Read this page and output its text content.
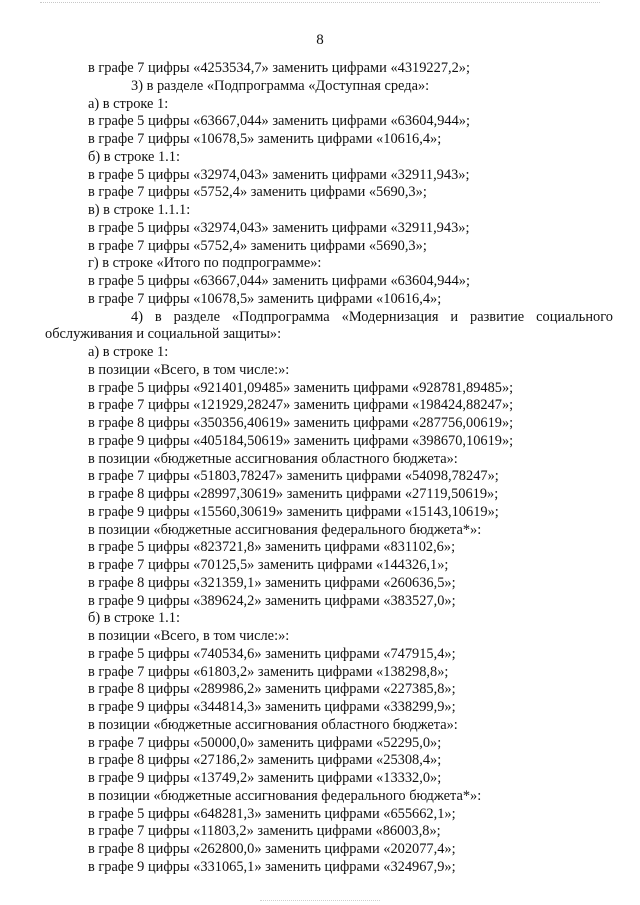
8
в графе 7 цифры «4253534,7» заменить цифрами «4319227,2»;
3) в разделе «Подпрограмма «Доступная среда»:
а) в строке 1:
в графе 5 цифры «63667,044» заменить цифрами «63604,944»;
в графе 7 цифры «10678,5» заменить цифрами «10616,4»;
б) в строке 1.1:
в графе 5 цифры «32974,043» заменить цифрами «32911,943»;
в графе 7 цифры «5752,4» заменить цифрами «5690,3»;
в) в строке 1.1.1:
в графе 5 цифры «32974,043» заменить цифрами «32911,943»;
в графе 7 цифры «5752,4» заменить цифрами «5690,3»;
г) в строке «Итого по подпрограмме»:
в графе 5 цифры «63667,044» заменить цифрами «63604,944»;
в графе 7 цифры «10678,5» заменить цифрами «10616,4»;
4) в разделе «Подпрограмма «Модернизация и развитие социального
обслуживания и социальной защиты»:
а) в строке 1:
в позиции «Всего, в том числе:»:
в графе 5 цифры «921401,09485» заменить цифрами «928781,89485»;
в графе 7 цифры «121929,28247» заменить цифрами «198424,88247»;
в графе 8 цифры «350356,40619» заменить цифрами «287756,00619»;
в графе 9 цифры «405184,50619» заменить цифрами «398670,10619»;
в позиции «бюджетные ассигнования областного бюджета»:
в графе 7 цифры «51803,78247» заменить цифрами «54098,78247»;
в графе 8 цифры «28997,30619» заменить цифрами «27119,50619»;
в графе 9 цифры «15560,30619» заменить цифрами «15143,10619»;
в позиции «бюджетные ассигнования федерального бюджета*»:
в графе 5 цифры «823721,8» заменить цифрами «831102,6»;
в графе 7 цифры «70125,5» заменить цифрами «144326,1»;
в графе 8 цифры «321359,1» заменить цифрами «260636,5»;
в графе 9 цифры «389624,2» заменить цифрами «383527,0»;
б) в строке 1.1:
в позиции «Всего, в том числе:»:
в графе 5 цифры «740534,6» заменить цифрами «747915,4»;
в графе 7 цифры «61803,2» заменить цифрами «138298,8»;
в графе 8 цифры «289986,2» заменить цифрами «227385,8»;
в графе 9 цифры «344814,3» заменить цифрами «338299,9»;
в позиции «бюджетные ассигнования областного бюджета»:
в графе 7 цифры «50000,0» заменить цифрами «52295,0»;
в графе 8 цифры «27186,2» заменить цифрами «25308,4»;
в графе 9 цифры «13749,2» заменить цифрами «13332,0»;
в позиции «бюджетные ассигнования федерального бюджета*»:
в графе 5 цифры «648281,3» заменить цифрами «655662,1»;
в графе 7 цифры «11803,2» заменить цифрами «86003,8»;
в графе 8 цифры «262800,0» заменить цифрами «202077,4»;
в графе 9 цифры «331065,1» заменить цифрами «324967,9»;
